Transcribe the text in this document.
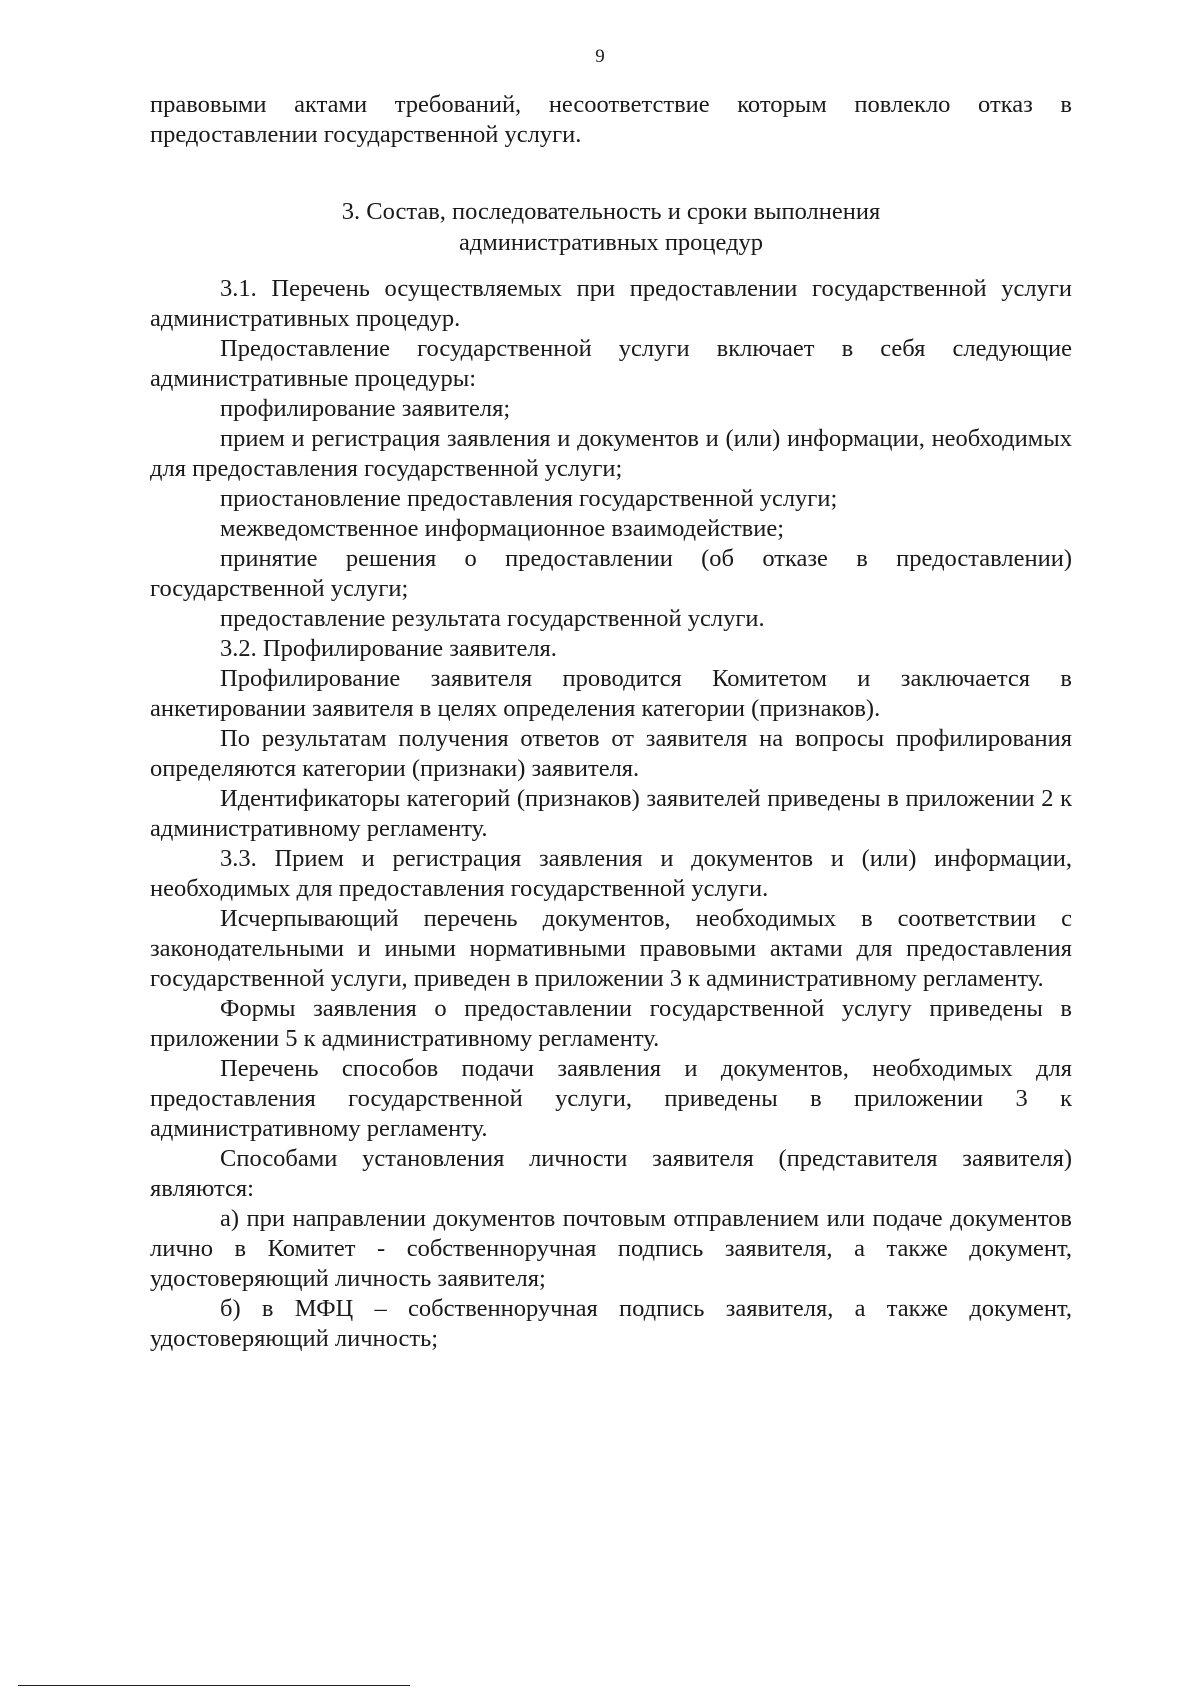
9

правовыми актами требований, несоответствие которым повлекло отказ в предоставлении государственной услуги.

3. Состав, последовательность и сроки выполнения
административных процедур

3.1. Перечень осуществляемых при предоставлении государственной услуги административных процедур.

Предоставление государственной услуги включает в себя следующие административные процедуры:

профилирование заявителя;

прием и регистрация заявления и документов и (или) информации, необходимых для предоставления государственной услуги;

приостановление предоставления государственной услуги;

межведомственное информационное взаимодействие;

принятие решения о предоставлении (об отказе в предоставлении) государственной услуги;

предоставление результата государственной услуги.

3.2. Профилирование заявителя.

Профилирование заявителя проводится Комитетом и заключается в анкетировании заявителя в целях определения категории (признаков).

По результатам получения ответов от заявителя на вопросы профилирования определяются категории (признаки) заявителя.

Идентификаторы категорий (признаков) заявителей приведены в приложении 2 к административному регламенту.

3.3. Прием и регистрация заявления и документов и (или) информации, необходимых для предоставления государственной услуги.

Исчерпывающий перечень документов, необходимых в соответствии с законодательными и иными нормативными правовыми актами для предоставления государственной услуги, приведен в приложении 3 к административному регламенту.

Формы заявления о предоставлении государственной услугу приведены в приложении 5 к административному регламенту.

Перечень способов подачи заявления и документов, необходимых для предоставления государственной услуги, приведены в приложении 3 к административному регламенту.

Способами установления личности заявителя (представителя заявителя) являются:

а) при направлении документов почтовым отправлением или подаче документов лично в Комитет - собственноручная подпись заявителя, а также документ, удостоверяющий личность заявителя;

б) в МФЦ – собственноручная подпись заявителя, а также документ, удостоверяющий личность;
